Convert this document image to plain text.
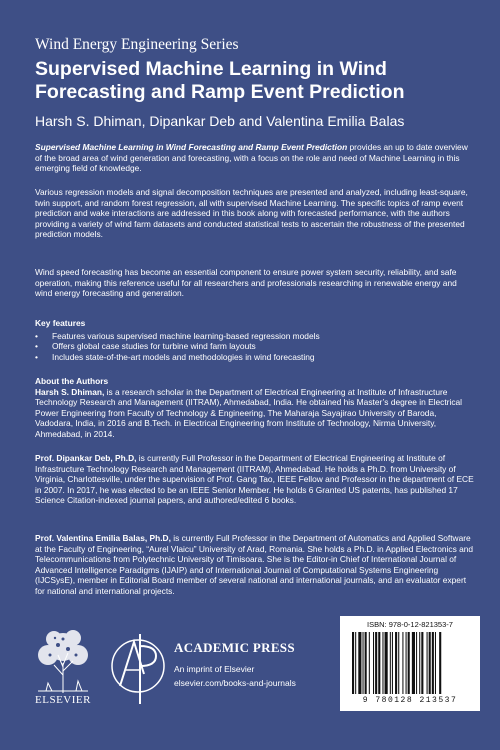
Wind Energy Engineering Series
Supervised Machine Learning in Wind Forecasting and Ramp Event Prediction
Harsh S. Dhiman, Dipankar Deb and Valentina Emilia Balas
Supervised Machine Learning in Wind Forecasting and Ramp Event Prediction provides an up to date overview of the broad area of wind generation and forecasting, with a focus on the role and need of Machine Learning in this emerging field of knowledge.
Various regression models and signal decomposition techniques are presented and analyzed, including least-square, twin support, and random forest regression, all with supervised Machine Learning. The specific topics of ramp event prediction and wake interactions are addressed in this book along with forecasted performance, with the authors providing a variety of wind farm datasets and conducted statistical tests to ascertain the robustness of the presented prediction models.
Wind speed forecasting has become an essential component to ensure power system security, reliability, and safe operation, making this reference useful for all researchers and professionals researching in renewable energy and wind energy forecasting and generation.
Key features
• Features various supervised machine learning-based regression models
• Offers global case studies for turbine wind farm layouts
• Includes state-of-the-art models and methodologies in wind forecasting
About the Authors
Harsh S. Dhiman, is a research scholar in the Department of Electrical Engineering at Institute of Infrastructure Technology Research and Management (IITRAM), Ahmedabad, India. He obtained his Master’s degree in Electrical Power Engineering from Faculty of Technology & Engineering, The Maharaja Sayajirao University of Baroda, Vadodara, India, in 2016 and B.Tech. in Electrical Engineering from Institute of Technology, Nirma University, Ahmedabad, in 2014.
Prof. Dipankar Deb, Ph.D, is currently Full Professor in the Department of Electrical Engineering at Institute of Infrastructure Technology Research and Management (IITRAM), Ahmedabad. He holds a Ph.D. from University of Virginia, Charlottesville, under the supervision of Prof. Gang Tao, IEEE Fellow and Professor in the department of ECE in 2007. In 2017, he was elected to be an IEEE Senior Member. He holds 6 Granted US patents, has published 17 Science Citation-indexed journal papers, and authored/edited 6 books.
Prof. Valentina Emilia Balas, Ph.D, is currently Full Professor in the Department of Automatics and Applied Software at the Faculty of Engineering, “Aurel Vlaicu” University of Arad, Romania. She holds a Ph.D. in Applied Electronics and Telecommunications from Polytechnic University of Timisoara. She is the Editor-in Chief of International Journal of Advanced Intelligence Paradigms (IJAIP) and of International Journal of Computational Systems Engineering (IJCSysE), member in Editorial Board member of several national and international journals, and an evaluator expert for national and international projects.
ELSEVIER
ACADEMIC PRESS
An imprint of Elsevier
elsevier.com/books-and-journals
ISBN: 978-0-12-821353-7
9 780128 213537
